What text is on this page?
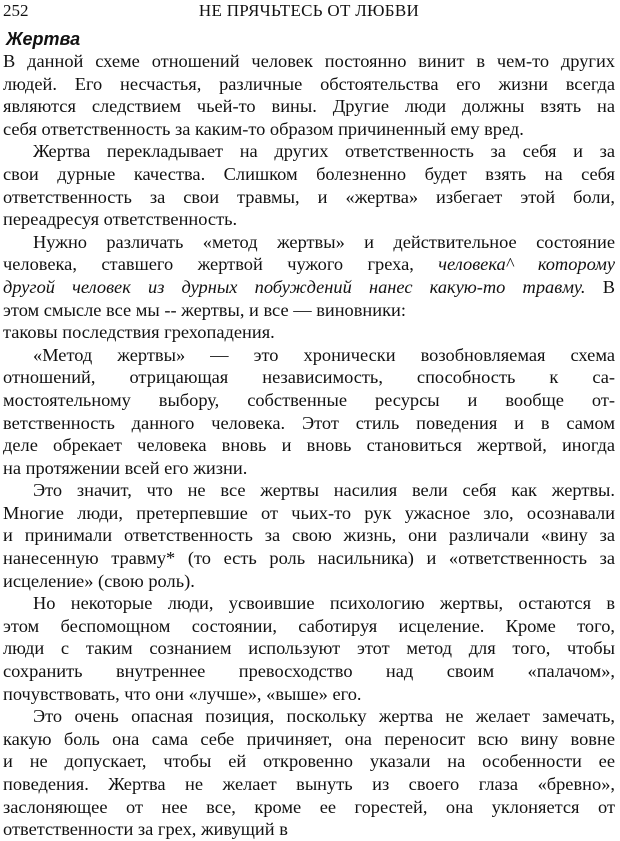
252	НЕ ПРЯЧЬТЕСЬ ОТ ЛЮБВИ
Жертва
В данной схеме отношений человек постоянно винит в чем-то других
людей. Его несчастья, различные обстоятельства его жизни всегда
являются следствием чьей-то вины. Другие люди должны взять на
себя ответственность за каким-то образом причиненный ему вред.
Жертва перекладывает на других ответственность за себя и за
свои дурные качества. Слишком болезненно будет взять на себя
ответственность за свои травмы, и «жертва» избегает этой боли,
переадресуя ответственность.
Нужно различать «метод жертвы» и действительное состояние
человека, ставшего жертвой чужого греха, человека^ которому
другой человек из дурных побуждений нанес какую-то травму. В
этом смысле все мы -- жертвы, и все — виновники:
таковы последствия грехопадения.
«Метод жертвы» — это хронически возобновляемая схема
отношений, отрицающая независимость, способность к са-
мостоятельному выбору, собственные ресурсы и вообще от-
ветственность данного человека. Этот стиль поведения и в самом
деле обрекает человека вновь и вновь становиться жертвой, иногда
на протяжении всей его жизни.
Это значит, что не все жертвы насилия вели себя как жертвы.
Многие люди, претерпевшие от чьих-то рук ужасное зло, осознавали
и принимали ответственность за свою жизнь, они различали «вину за
нанесенную травму* (то есть роль насильника) и «ответственность за
исцеление» (свою роль).
Но некоторые люди, усвоившие психологию жертвы, остаются в
этом беспомощном состоянии, саботируя исцеление. Кроме того,
люди с таким сознанием используют этот метод для того, чтобы
сохранить внутреннее превосходство над своим «палачом»,
почувствовать, что они «лучше», «выше» его.
Это очень опасная позиция, поскольку жертва не желает замечать,
какую боль она сама себе причиняет, она переносит всю вину вовне
и не допускает, чтобы ей откровенно указали на особенности ее
поведения. Жертва не желает вынуть из своего глаза «бревно»,
заслоняющее от нее все, кроме ее горестей, она уклоняется от
ответственности за грех, живущий в
